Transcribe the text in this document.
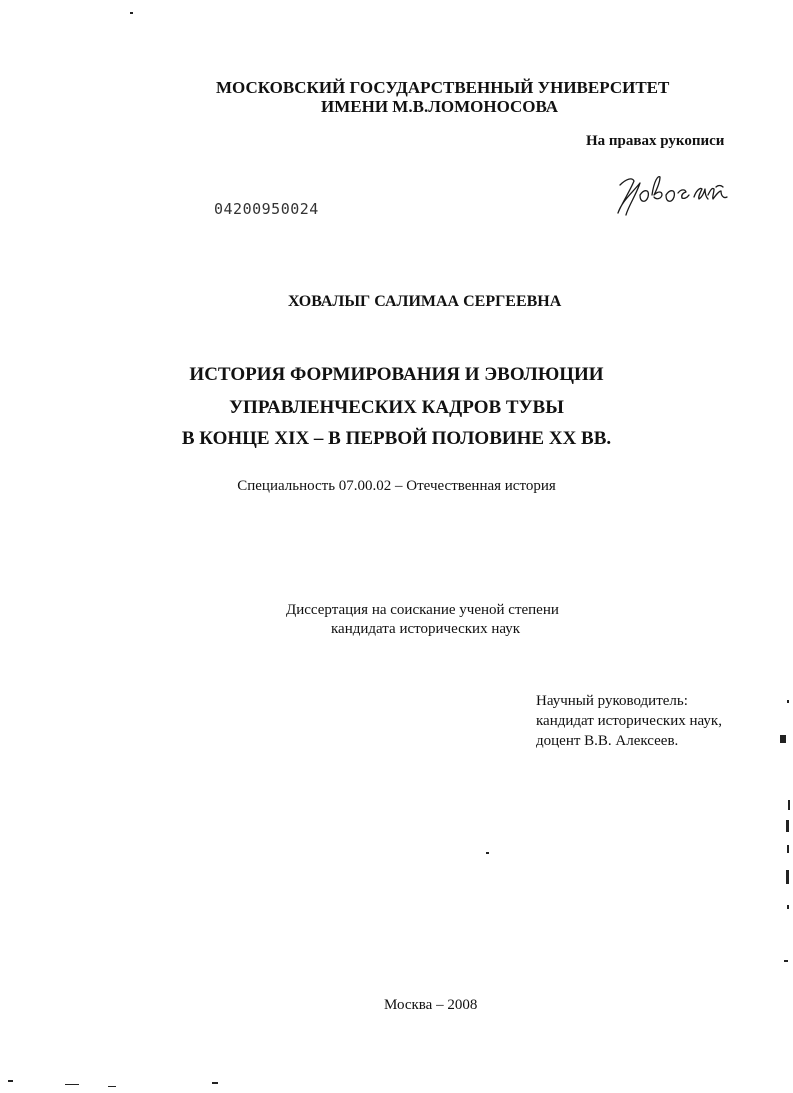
МОСКОВСКИЙ ГОСУДАРСТВЕННЫЙ УНИВЕРСИТЕТ
ИМЕНИ М.В.ЛОМОНОСОВА
На правах рукописи
04200950024
ХОВАЛЫГ САЛИМАА СЕРГЕЕВНА
ИСТОРИЯ ФОРМИРОВАНИЯ И ЭВОЛЮЦИИ
УПРАВЛЕНЧЕСКИХ КАДРОВ ТУВЫ
В КОНЦЕ XIX – В ПЕРВОЙ ПОЛОВИНЕ XX ВВ.
Специальность 07.00.02 – Отечественная история
Диссертация на соискание ученой степени
кандидата исторических наук
Научный руководитель:
кандидат исторических наук,
доцент В.В. Алексеев.
Москва – 2008
